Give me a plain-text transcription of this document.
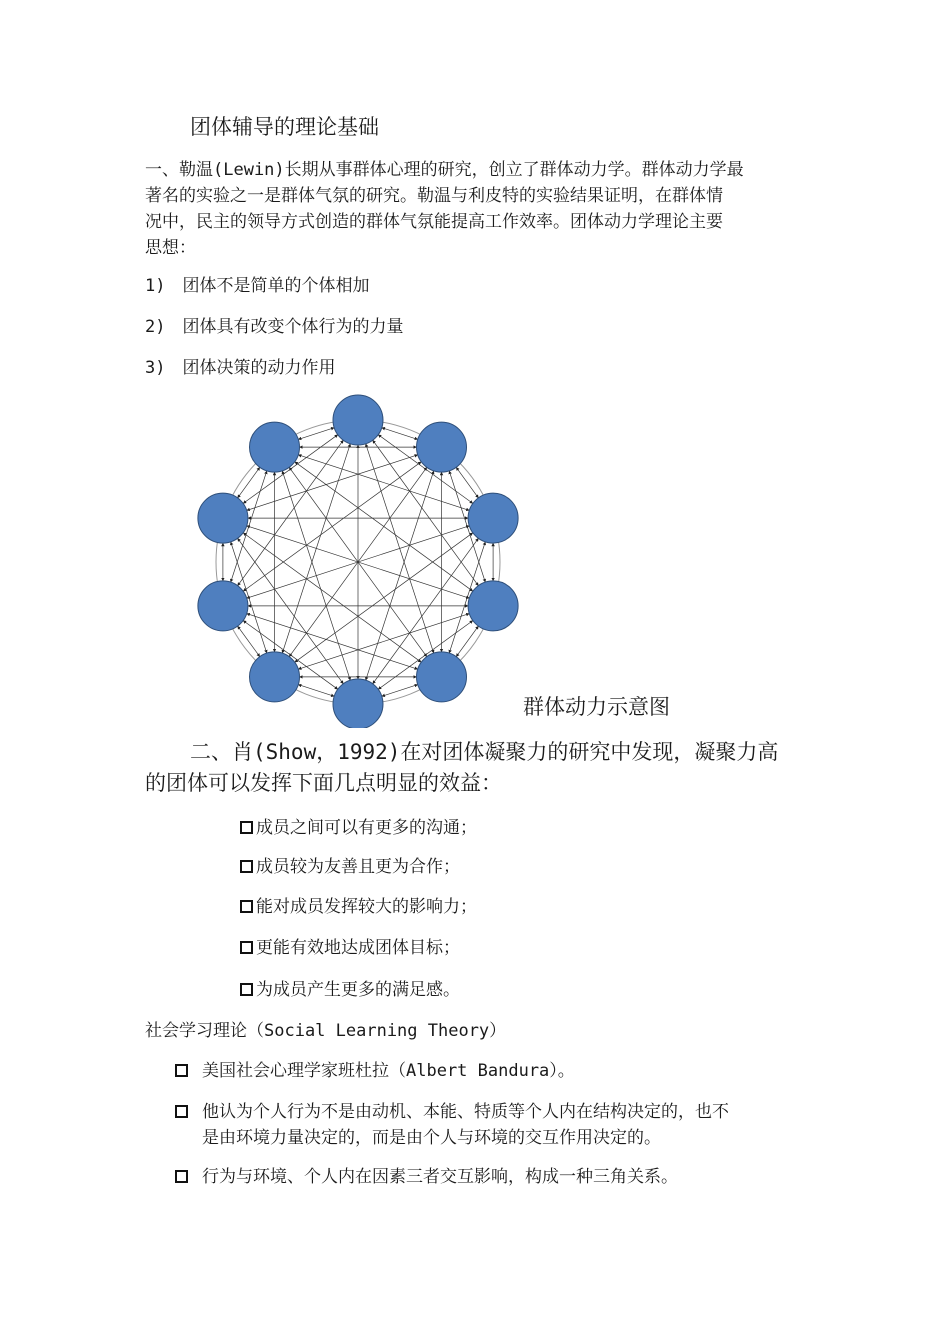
团体辅导的理论基础
一、勒温(Lewin)长期从事群体心理的研究，创立了群体动力学。群体动力学最
著名的实验之一是群体气氛的研究。勒温与利皮特的实验结果证明，在群体情
况中，民主的领导方式创造的群体气氛能提高工作效率。团体动力学理论主要
思想：
1) 团体不是简单的个体相加
2) 团体具有改变个体行为的力量
3) 团体决策的动力作用
群体动力示意图
二、肖(Show，1992)在对团体凝聚力的研究中发现，凝聚力高
的团体可以发挥下面几点明显的效益：
成员之间可以有更多的沟通；
成员较为友善且更为合作；
能对成员发挥较大的影响力；
更能有效地达成团体目标；
为成员产生更多的满足感。
社会学习理论（Social Learning Theory）
美国社会心理学家班杜拉（Albert Bandura）。
他认为个人行为不是由动机、本能、特质等个人内在结构决定的，也不
是由环境力量决定的，而是由个人与环境的交互作用决定的。
行为与环境、个人内在因素三者交互影响，构成一种三角关系。
